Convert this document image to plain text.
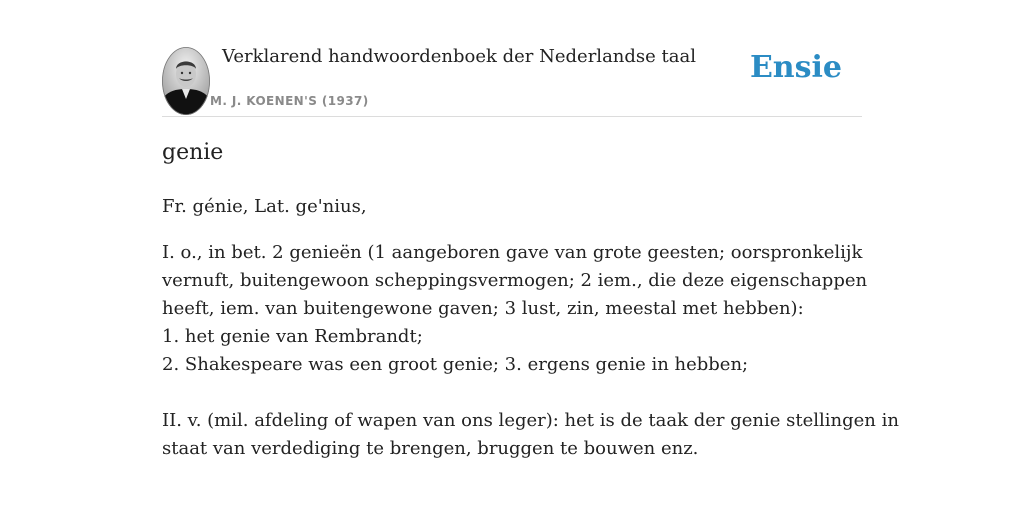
Verklarend handwoordenboek der Nederlandse taal
M. J. KOENEN'S (1937)
Ensie
genie
Fr. génie, Lat. ge'nius,
I. o., in bet. 2 genieën (1 aangeboren gave van grote geesten; oorspronkelijk
vernuft, buitengewoon scheppingsvermogen; 2 iem., die deze eigenschappen
heeft, iem. van buitengewone gaven; 3 lust, zin, meestal met hebben):
1. het genie van Rembrandt;
2. Shakespeare was een groot genie; 3. ergens genie in hebben;
II. v. (mil. afdeling of wapen van ons leger): het is de taak der genie stellingen in
staat van verdediging te brengen, bruggen te bouwen enz.
